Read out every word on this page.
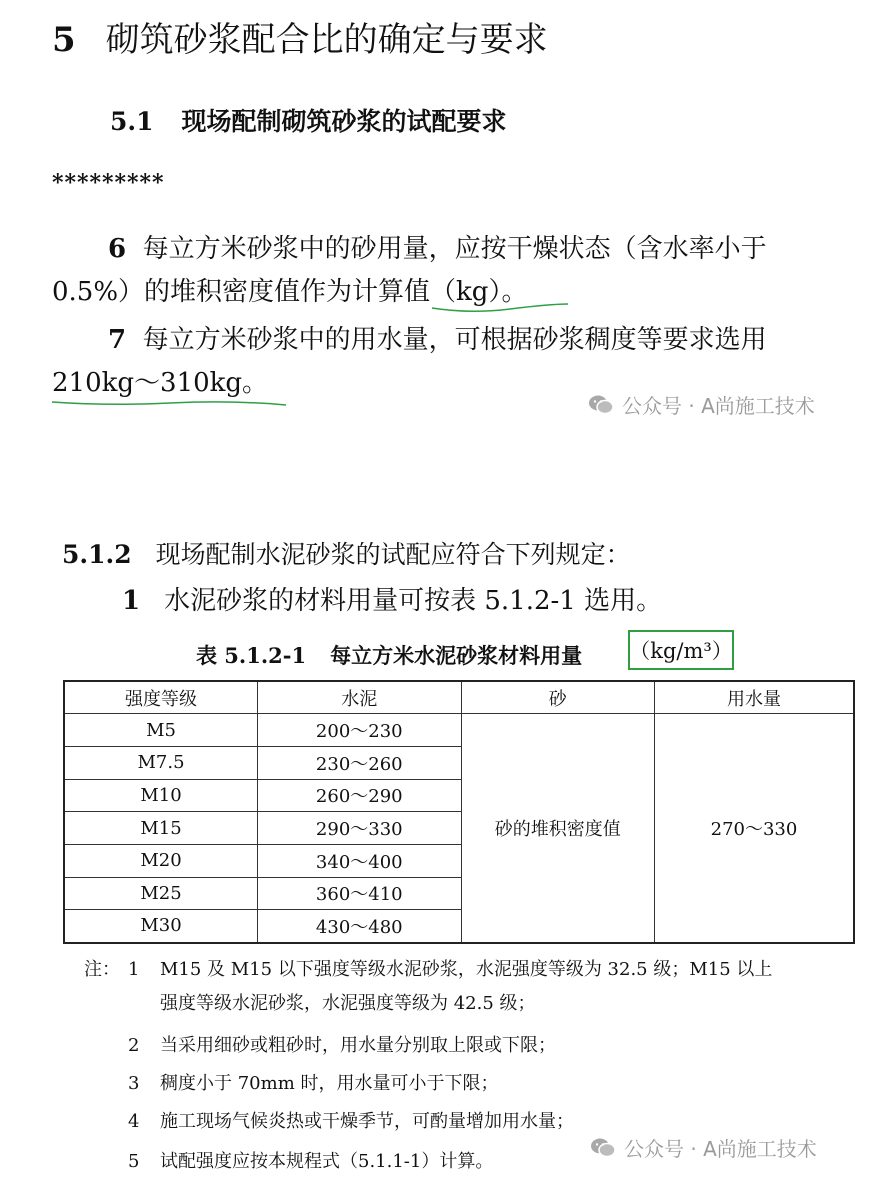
5 砌筑砂浆配合比的确定与要求
5.1 现场配制砌筑砂浆的试配要求
*********
6 每立方米砂浆中的砂用量，应按干燥状态（含水率小于
0.5%）的堆积密度值作为计算值（kg）。
7 每立方米砂浆中的用水量，可根据砂浆稠度等要求选用
210kg～310kg。
公众号 · A尚施工技术
5.1.2 现场配制水泥砂浆的试配应符合下列规定：
1 水泥砂浆的材料用量可按表 5.1.2-1 选用。
表 5.1.2-1 每立方米水泥砂浆材料用量 （kg/m³）
强度等级	水泥	砂	用水量
M5	200～230	砂的堆积密度值	270～330
M7.5	230～260		
M10	260～290		
M15	290～330		
M20	340～400		
M25	360～410		
M30	430～480		
注： 1 M15 及 M15 以下强度等级水泥砂浆，水泥强度等级为 32.5 级；M15 以上
强度等级水泥砂浆，水泥强度等级为 42.5 级；
2 当采用细砂或粗砂时，用水量分别取上限或下限；
3 稠度小于 70mm 时，用水量可小于下限；
4 施工现场气候炎热或干燥季节，可酌量增加用水量；
5 试配强度应按本规程式（5.1.1-1）计算。
公众号 · A尚施工技术
